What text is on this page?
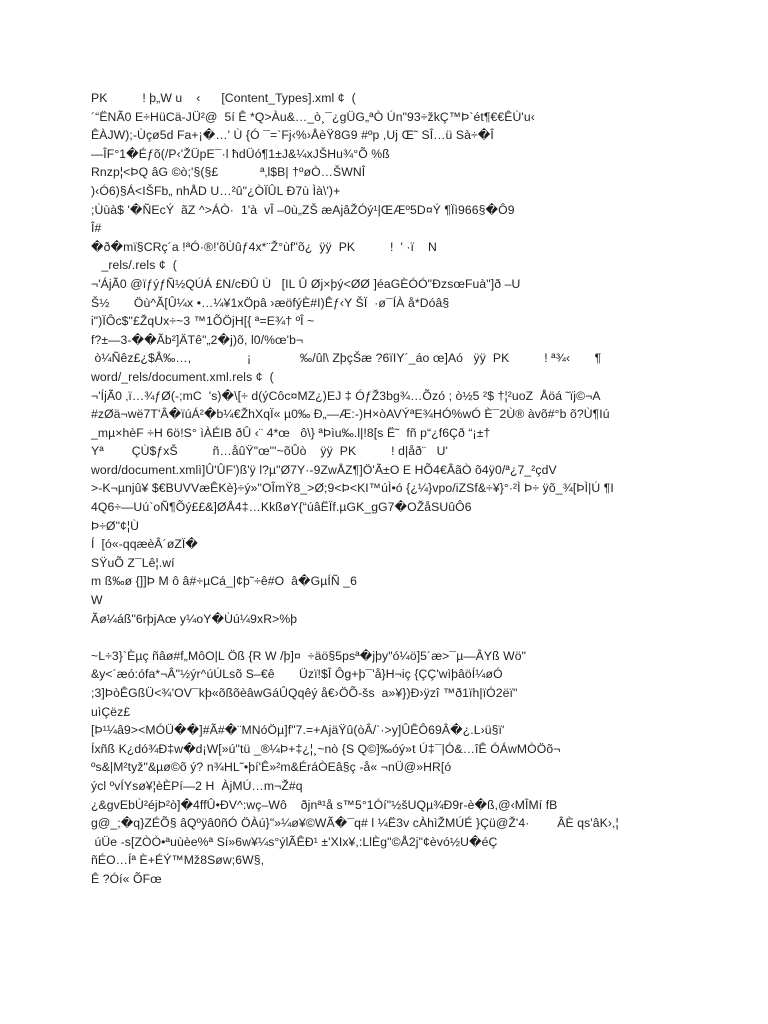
PK          ! þ„W u    ‹      [Content_Types].xml ¢  (
´“ËNÃ0 E÷HüCä-JÜ²@  5í Ê *Q>Àu&…_ò¸¯¿gÜG„ªÒ Ún"93÷žkÇ™Þ`ét¶€€ÊÙ'u‹
ÊÀJW);-Ùçø5d Fa+¡�…' Ù {Ó ¯=`Fj‹%›ÅèŸ8G9 #ºp ,Uj Œ˜ SÎ…ü Sà÷�Î
—ÎF°1�Éƒõ(/P‹'ŽÜpE¯·l ħdÜó¶1±J&¼xJŠHu¾°Õ %ß
Rnzp¦<ÞQ âG ©ò;'§(§£            ª‚l$B| †ºøÒ…ŠWNÎ
)‹Ó6)§Á<IŠFb„ nhÅD U…²û"¿ÒÏÛL Ð7ù Ìà\')+
;Ùùà$ '�ÑEcÝ  ãZ ^>ÁÒ·  1'à  vÎ –0ù„ZŠ æAjâŽÓý¹|ŒÆº5D¤Ý ¶Ïì966§�Ô9
Î#
�ð�mï§CRç´a !ªÓ·®!'õÙûƒ4x*¨Ž°ùf"õ¿  ÿÿ  PK          !  ' ·ï    N
_rels/.rels ¢  (
¬'ÁjÃ0 @ïƒýƒÑ½QÚÁ £N/cÐÛ Ù   [IL Û Øj×þý<ØØ ]éaGÈÓÓ"ÐzsœFuà"]ð –U
Š½       Öù^Ã[Û¼x •…¼¥1xÖpâ ›æöfýÈ#I)Êƒ‹Y ŠÏ  ·ø¯ÍÀ å*Dóâ§
i")ÏÔc$"£ŽqUx÷~3 ™1ÕÖjH[{ ª=E¾† ºÎ ~
f?±—3-��Ãb²]ÄTê"„2�j)õ, l0/%œ'b¬
ò¼Ñêz£¿$Å‰…,                ¡              ‰/ûl\ ZþçŠæ ?6ïIY´_áo œ]Aó   ÿÿ  PK          ! ª¾‹       ¶
word/_rels/document.xml.rels ¢  (
¬'ÍjÃ0 ‚ï…¾ƒØ(-;mC  's)�\[÷ d(ýCôc¤MZ¿)EJ ‡ ÓƒŽ3bg¾…Õzó ; ò½5 ²$ †¦²uoZ  Åöá ˜ïj©¬A
#zØä¬wë7T'Â�ïúÁ²�b¼€ŽhXqÏ« µ0‰ Ð„—Æ:-)H×òAVÝªE¾HÓ%wÓ È¯2Ù® àvõ#°b õ?Ù¶Iú
_mµ×hèF ÷H 6ö!S° ìÀÉIB ðÛ ‹¨ 4*œ   ô\} ªÞìu‰.l|!8[s Ë˜  fñ p“¿f6Çð “¡±†
Yª        ÇÙ$ƒxŠ          ñ…åûŸ"œ"'~õÛò    ÿÿ  PK          ! d|åð¨   U'
word/document.xmlì]Û'ÛF')ß'ÿ l?µ"Ø7Y·-9ZwÅZ¶]Ö'Ã±O E HÕ4€ÂãÒ õ4ÿ0/ª¿7_²çdV
>-K¬µnjû¥ $€BUVVæÊKè}÷ý»"OÎmŸ8_>Ø;9<Þ<KI™úÌ•ó {¿¼}vpo/iZSf&÷¥}°·²Ì Þ÷ ÿõ_¾[ÞÌ|Ú ¶I
4Q6÷—Uú`oÑ¶Õý££&]ØÅ4‡…KkßøY{“úâËÏf.µGK_gG7�OŽåSUûÔ6
Þ÷Ø"¢¦Ù
Í  [ó«-qqæèÂ´øZÏ�
SŸuÕ Z¯Lê¦.wí
m ß‰ø {]]Þ M ô â#÷µCá_|¢þ˜÷ê#O  â�GµÍÑ _6
W
Ãø¼áß"6rþjAœ y¼oY�Ùú¼9xR>%þ
~L÷3}`Èµç ñâø#f„MôO|L Öß {R W /þ]¤  ÷äö§5psª�jþy"ó¼ö]5´æ>¯µ—ÂYß Wö"
&y<´æó:ófa*¬Â"½ýr^úÚLsõ S–€ê       Üzï!$Î Ôg+þ¯'å}H¬iç {ÇÇ'wìþâöÍ¼øÓ
;3]ÞòÊGßÜ<¾'OV¯kþ«õßõèâwGáÛQqêý å€›ÖÕ-šs  a»¥})Ð›ÿzî ™ð1ïh|ïÓ2ëï"
uìÇëz£
[Þ¹¼â9><MÓÜ��]#Ã#�¨MNóÖµ]f"7.=+AjäŸû(òÂ/`·>y]ÛÊÔ69Â�¿.L›ü§ï'
Íxñß K¿dó¾Ð‡w�d¡W[»ú"tü _®¼Þ+‡¿¦¸~nò {S Q©]‰óý»t Ú‡¯|Ó&…îÊ ÓÁwMÒÖõ¬
ºs&|M²tyž"&µø©õ ý? n¾HL˜•þí'Ê»²m&ÉráÒEâ§ç -å« ¬nÜ@»HR[ó
ýcl ºvÍYsø¥¦èÈPí—2 H  ÀjMÚ…m¬Ž#q
¿&gvEbÙ²éjÞ²ò]�4ffÛ•ÐV^:wç–Wô    ðjnª¹å s™5°1Óí"½šUQµ¾Ð9r-è�ß,@‹MÎMí fB
g@_;�q}ZÉÕ§ âQºÿâ0ñÓ ÖÀú}"»¼ø¥©WÃ�¯q# l ¼Ë3v cÀhìŽMÚÉ }Çü@Ž'4·        ÂÈ qs'âK›,¦
úÜe -s[ZÒÒ•ªuùèe%ª Sí»6w¥¼s°ýlÃÊÐ¹ ±'XIx¥,:LlÈg"©Å2j"¢èvó½U�éÇ
ñÉO…Íª È+ÉÝ™Mž8Søw;6W§,
Ê ?Óí« ÕFœ
